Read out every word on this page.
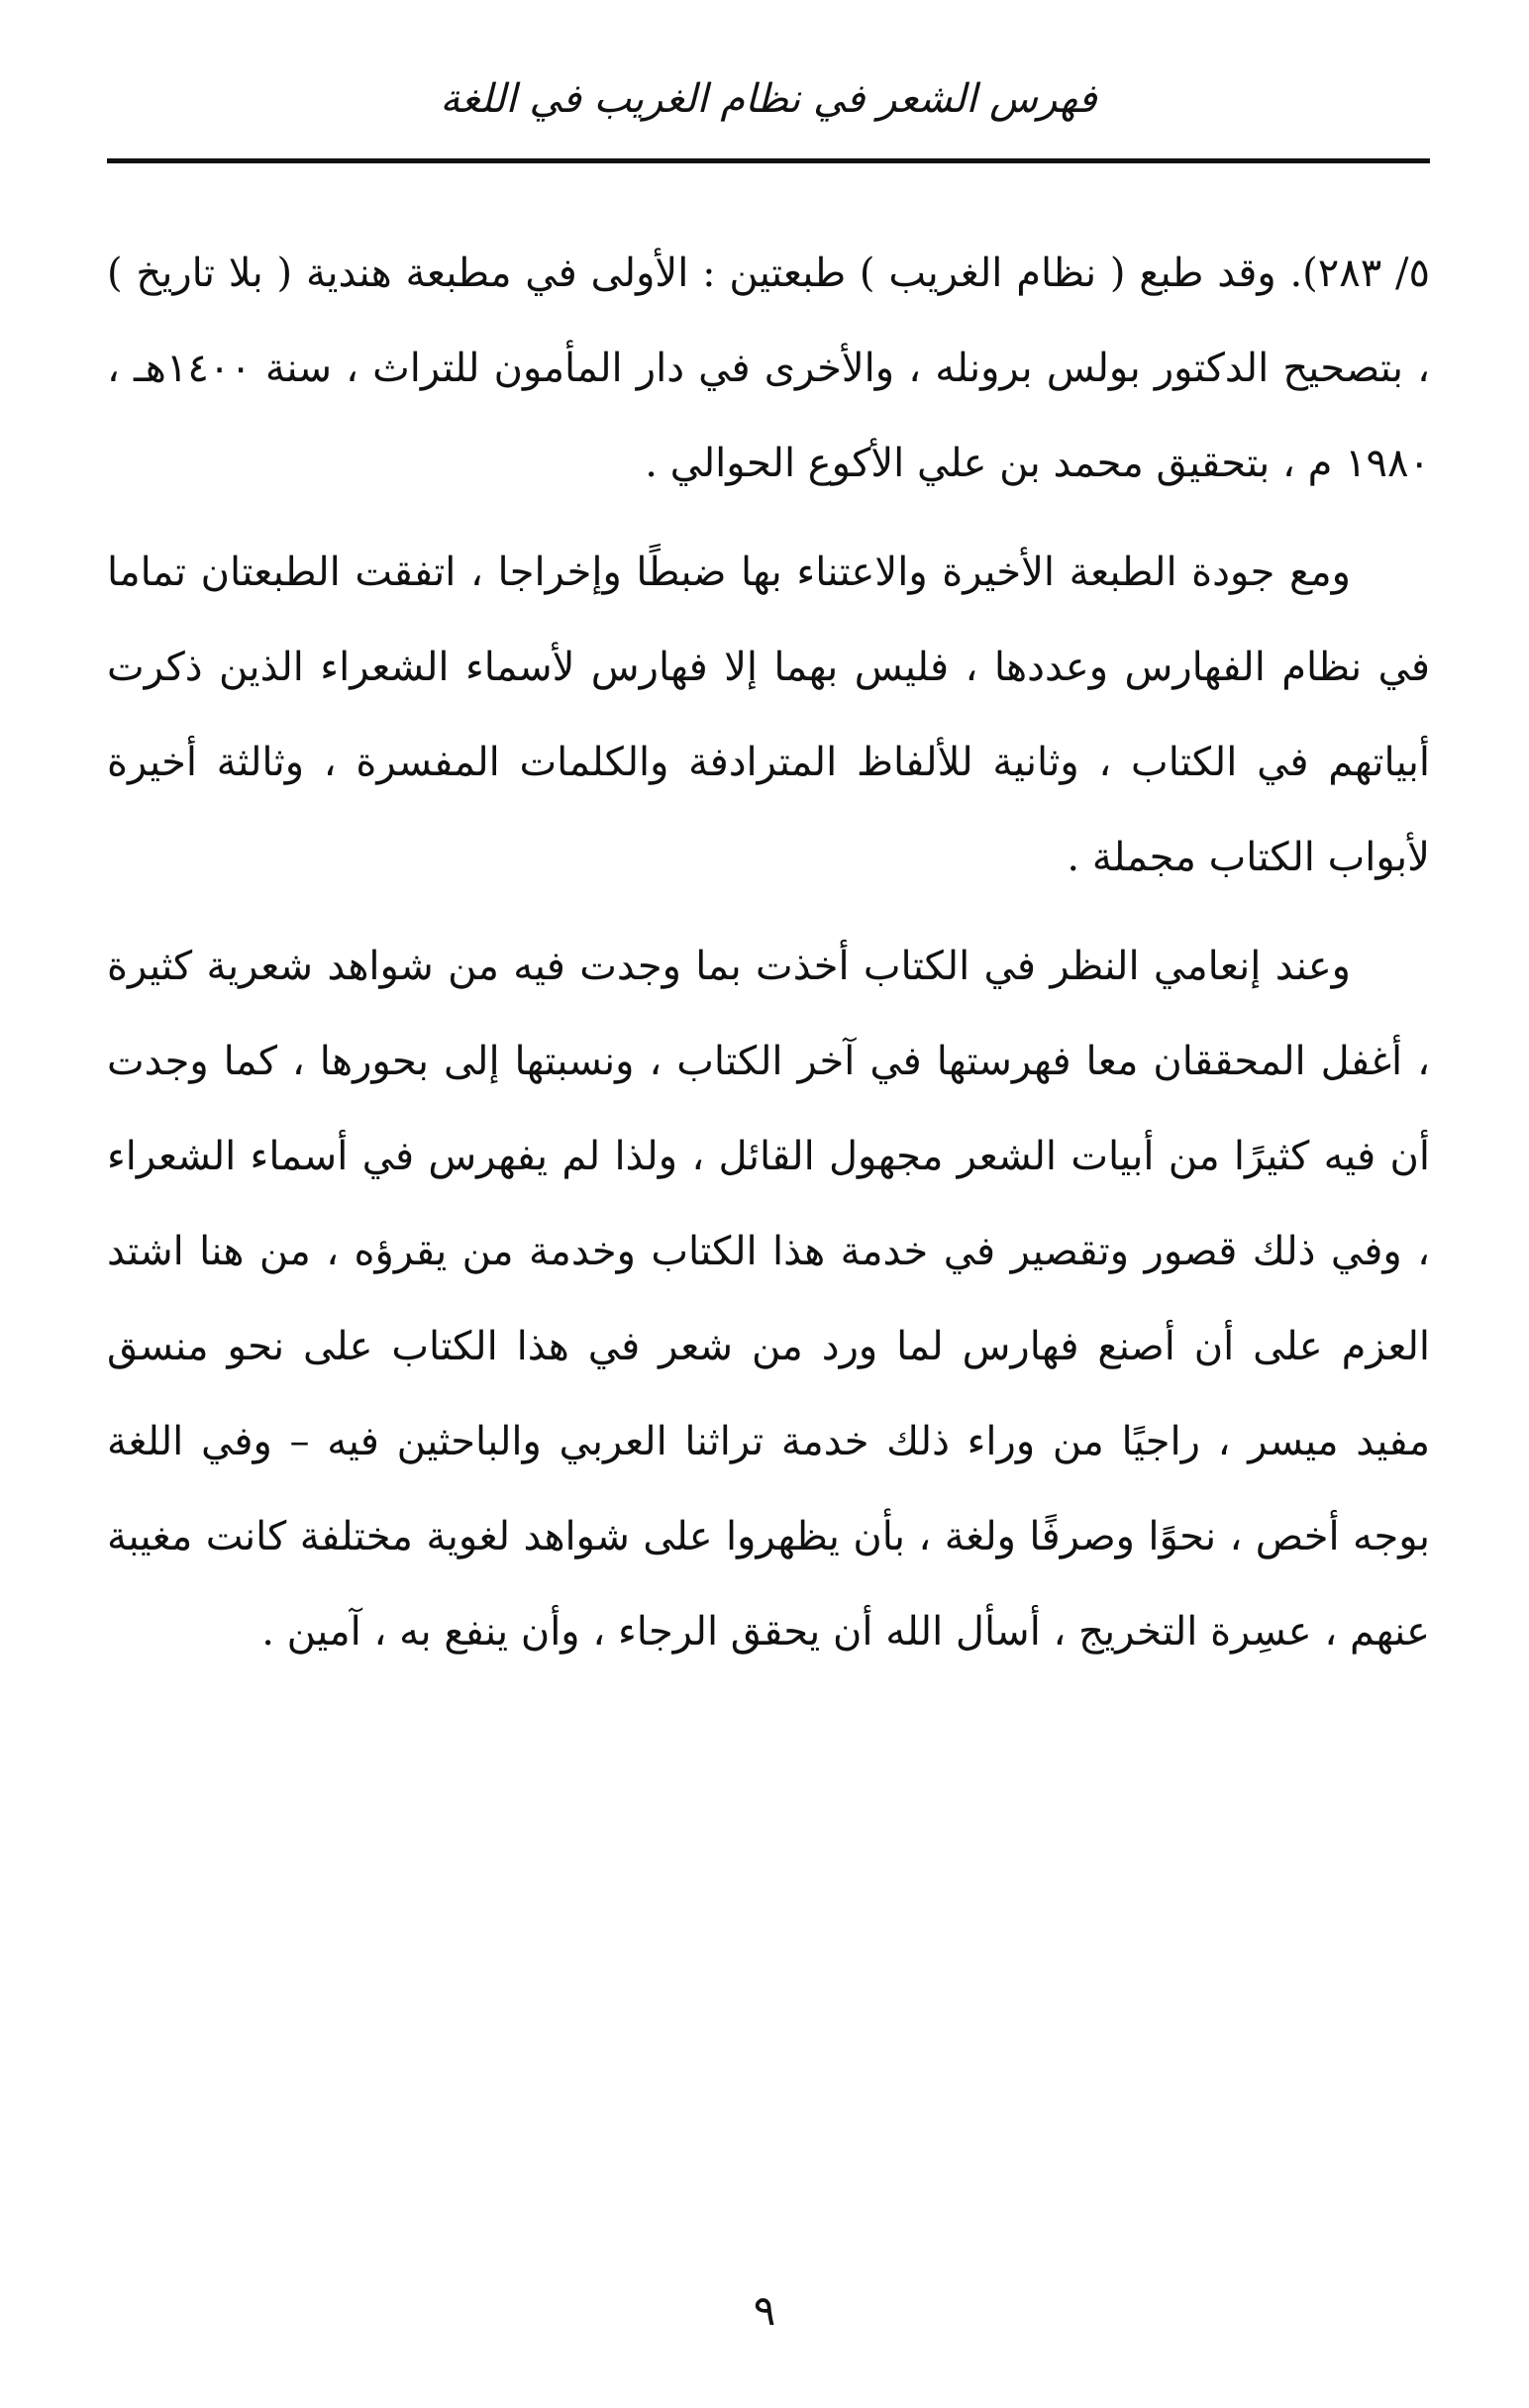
فهرس الشعر في نظام الغريب في اللغة

٥/ ٢٨٣). وقد طبع ( نظام الغريب ) طبعتين : الأولى في مطبعة هندية ( بلا تاريخ ) ، بتصحيح الدكتور بولس برونله ، والأخرى في دار المأمون للتراث ، سنة ١٤٠٠هـ ، ١٩٨٠ م ، بتحقيق محمد بن علي الأكوع الحوالي .

ومع جودة الطبعة الأخيرة والاعتناء بها ضبطًا وإخراجا ، اتفقت الطبعتان تماما في نظام الفهارس وعددها ، فليس بهما إلا فهارس لأسماء الشعراء الذين ذكرت أبياتهم في الكتاب ، وثانية للألفاظ المترادفة والكلمات المفسرة ، وثالثة أخيرة لأبواب الكتاب مجملة .

وعند إنعامي النظر في الكتاب أخذت بما وجدت فيه من شواهد شعرية كثيرة ، أغفل المحققان معا فهرستها في آخر الكتاب ، ونسبتها إلى بحورها ، كما وجدت أن فيه كثيرًا من أبيات الشعر مجهول القائل ، ولذا لم يفهرس في أسماء الشعراء ، وفي ذلك قصور وتقصير في خدمة هذا الكتاب وخدمة من يقرؤه ، من هنا اشتد العزم على أن أصنع فهارس لما ورد من شعر في هذا الكتاب على نحو منسق مفيد ميسر ، راجيًا من وراء ذلك خدمة تراثنا العربي والباحثين فيه – وفي اللغة بوجه أخص ، نحوًا وصرفًا ولغة ، بأن يظهروا على شواهد لغوية مختلفة كانت مغيبة عنهم ، عسِرة التخريج ، أسأل الله أن يحقق الرجاء ، وأن ينفع به ، آمين .

٩
